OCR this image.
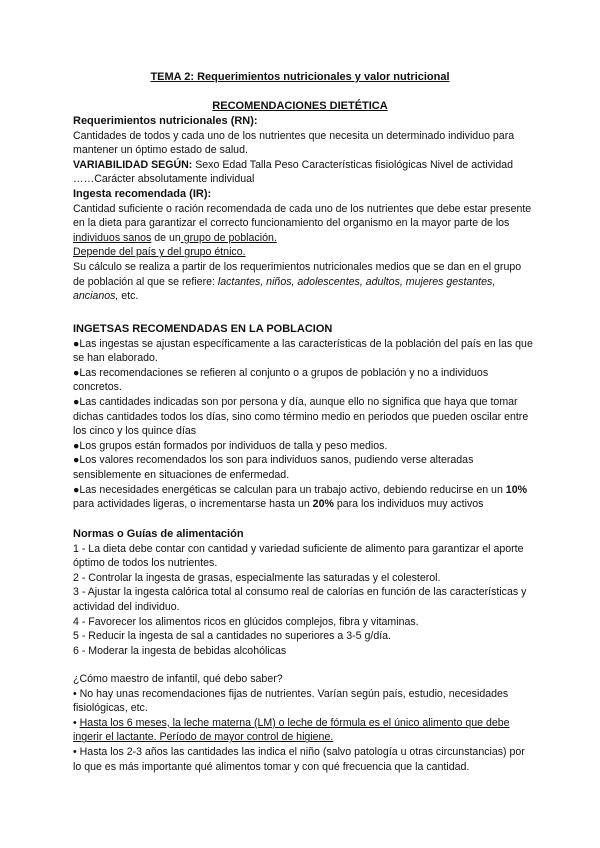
TEMA 2: Requerimientos nutricionales y valor nutricional
RECOMENDACIONES DIETÉTICA

Requerimientos nutricionales (RN):

Cantidades de todos y cada uno de los nutrientes que necesita un determinado individuo para mantener un óptimo estado de salud.

VARIABILIDAD SEGÚN: Sexo Edad Talla Peso Características fisiológicas Nivel de actividad ……Carácter absolutamente individual

Ingesta recomendada (IR):

Cantidad suficiente o ración recomendada de cada uno de los nutrientes que debe estar presente en la dieta para garantizar el correcto funcionamiento del organismo en la mayor parte de los individuos sanos de un grupo de población.

Depende del país y del grupo étnico.

Su cálculo se realiza a partir de los requerimientos nutricionales medios que se dan en el grupo de población al que se refiere: lactantes, niños, adolescentes, adultos, mujeres gestantes, ancianos, etc.

INGETSAS RECOMENDADAS EN LA POBLACION

●Las ingestas se ajustan específicamente a las características de la población del país en las que se han elaborado.

●Las recomendaciones se refieren al conjunto o a grupos de población y no a individuos concretos.

●Las cantidades indicadas son por persona y día, aunque ello no significa que haya que tomar dichas cantidades todos los días, sino como término medio en periodos que pueden oscilar entre los cinco y los quince días

●Los grupos están formados por individuos de talla y peso medios.

●Los valores recomendados los son para individuos sanos, pudiendo verse alteradas sensiblemente en situaciones de enfermedad.

●Las necesidades energéticas se calculan para un trabajo activo, debiendo reducirse en un 10% para actividades ligeras, o incrementarse hasta un 20% para los individuos muy activos

Normas o Guías de alimentación

1 - La dieta debe contar con cantidad y variedad suficiente de alimento para garantizar el aporte óptimo de todos los nutrientes.

2 - Controlar la ingesta de grasas, especialmente las saturadas y el colesterol.

3 - Ajustar la ingesta calórica total al consumo real de calorías en función de las características y actividad del individuo.

4 - Favorecer los alimentos ricos en glúcidos complejos, fibra y vitaminas.

5 - Reducir la ingesta de sal a cantidades no superiores a 3-5 g/día.

6 - Moderar la ingesta de bebidas alcohólicas

¿Cómo maestro de infantil, qué debo saber?

• No hay unas recomendaciones fijas de nutrientes. Varían según país, estudio, necesidades fisiológicas, etc.

• Hasta los 6 meses, la leche materna (LM) o leche de fórmula es el único alimento que debe ingerir el lactante. Período de mayor control de higiene.

• Hasta los 2-3 años las cantidades las indica el niño (salvo patología u otras circunstancias) por lo que es más importante qué alimentos tomar y con qué frecuencia que la cantidad.
